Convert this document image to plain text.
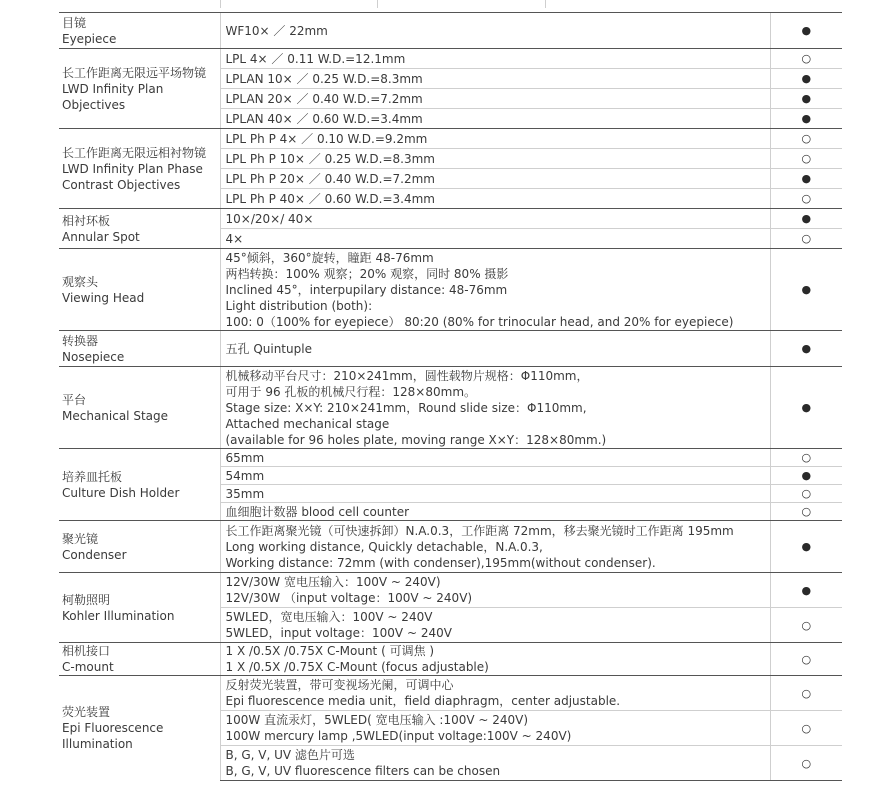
目镜
Eyepiece	WF10× ／ 22mm	●

长工作距离无限远平场物镜
LWD Infinity Plan
Objectives	LPL 4× ／ 0.11 W.D.=12.1mm	○

	LPLAN 10× ／ 0.25 W.D.=8.3mm	●

	LPLAN 20× ／ 0.40 W.D.=7.2mm	●

	LPLAN 40× ／ 0.60 W.D.=3.4mm	●

长工作距离无限远相衬物镜
LWD Infinity Plan Phase
Contrast Objectives	LPL Ph P 4× ／ 0.10 W.D.=9.2mm	○

	LPL Ph P 10× ／ 0.25 W.D.=8.3mm	○

	LPL Ph P 20× ／ 0.40 W.D.=7.2mm	●

	LPL Ph P 40× ／ 0.60 W.D.=3.4mm	○

相衬环板
Annular Spot	10×/20×/ 40×	●

	4×	○

观察头
Viewing Head	45°倾斜，360°旋转，瞳距 48-76mm
两档转换：100% 观察；20% 观察，同时 80% 摄影
Inclined 45°，interpupilary distance: 48-76mm
Light distribution (both):
100: 0（100% for eyepiece） 80:20 (80% for trinocular head, and 20% for eyepiece)	●

转换器
Nosepiece	五孔 Quintuple	●

平台
Mechanical Stage	机械移动平台尺寸：210×241mm，圆性载物片规格：Φ110mm，
可用于 96 孔板的机械尺行程：128×80mm。
Stage size: X×Y: 210×241mm，Round slide size：Φ110mm,
Attached mechanical stage
(available for 96 holes plate, moving range X×Y：128×80mm.)	●

培养皿托板
Culture Dish Holder	65mm	○

	54mm	●

	35mm	○

	血细胞计数器 blood cell counter	○

聚光镜
Condenser	长工作距离聚光镜（可快速拆卸）N.A.0.3，工作距离 72mm，移去聚光镜时工作距离 195mm
Long working distance, Quickly detachable，N.A.0.3,
Working distance: 72mm (with condenser),195mm(without condenser).	●

柯勒照明
Kohler Illumination	12V/30W 宽电压输入：100V ~ 240V)
12V/30W （input voltage：100V ~ 240V)	●

	5WLED，宽电压输入：100V ~ 240V
5WLED，input voltage：100V ~ 240V	○

相机接口
C-mount	1 X /0.5X /0.75X C-Mount ( 可调焦 )
1 X /0.5X /0.75X C-Mount (focus adjustable)	○

荧光装置
Epi Fluorescence
Illumination	反射荧光装置，带可变视场光阑，可调中心
Epi fluorescence media unit，field diaphragm，center adjustable.	○

	100W 直流汞灯，5WLED( 宽电压输入 :100V ~ 240V)
100W mercury lamp ,5WLED(input voltage:100V ~ 240V)	○

	B, G, V, UV 滤色片可选
B, G, V, UV fluorescence filters can be chosen	○
